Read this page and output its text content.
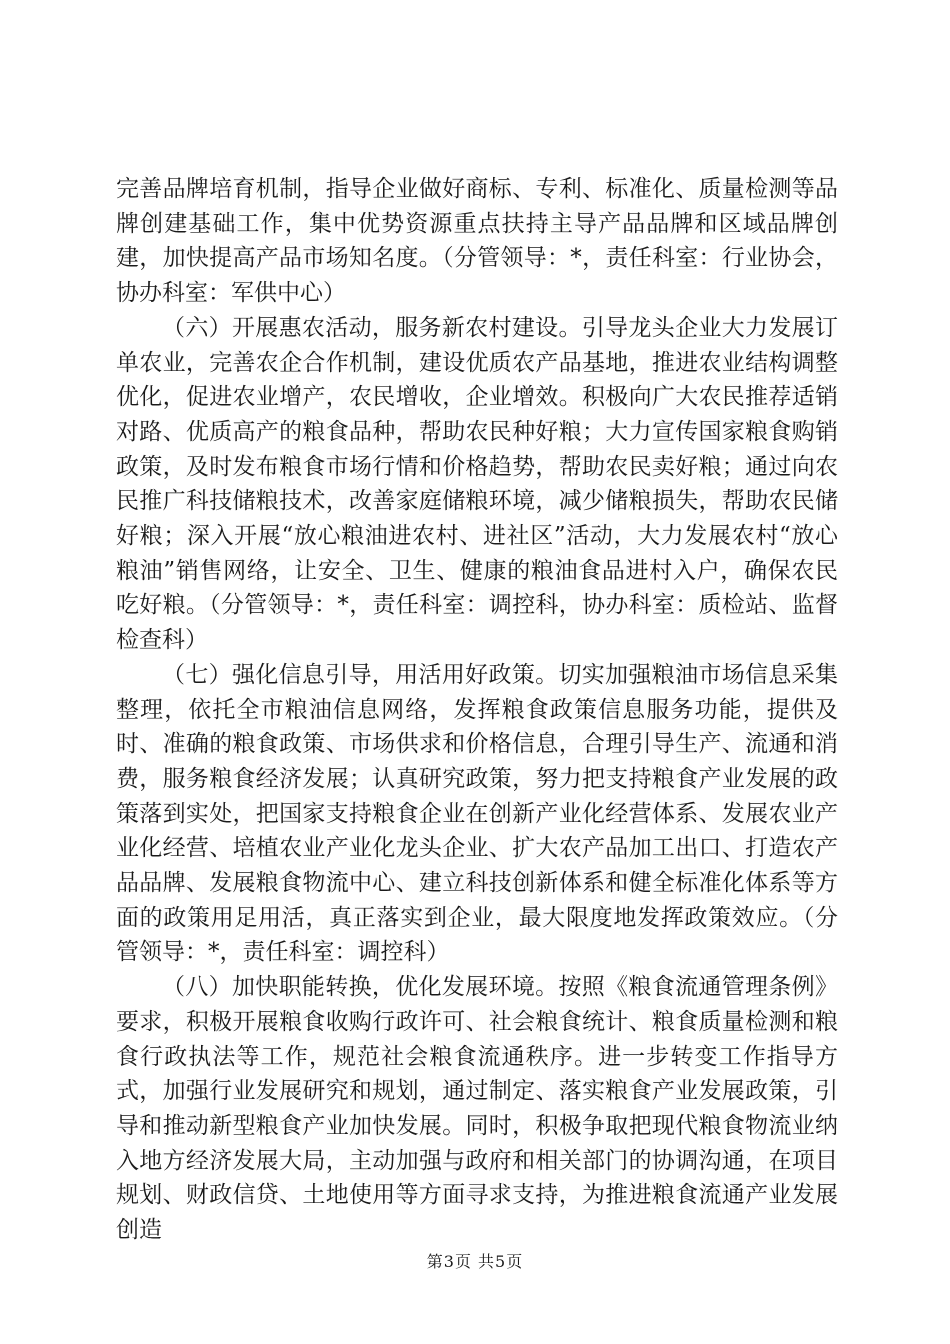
完善品牌培育机制，指导企业做好商标、专利、标准化、质量检测等品牌创建基础工作，集中优势资源重点扶持主导产品品牌和区域品牌创建，加快提高产品市场知名度。（分管领导：*，责任科室：行业协会，协办科室：军供中心）

（六）开展惠农活动，服务新农村建设。引导龙头企业大力发展订单农业，完善农企合作机制，建设优质农产品基地，推进农业结构调整优化，促进农业增产，农民增收，企业增效。积极向广大农民推荐适销对路、优质高产的粮食品种，帮助农民种好粮；大力宣传国家粮食购销政策，及时发布粮食市场行情和价格趋势，帮助农民卖好粮；通过向农民推广科技储粮技术，改善家庭储粮环境，减少储粮损失，帮助农民储好粮；深入开展“放心粮油进农村、进社区”活动，大力发展农村“放心粮油”销售网络，让安全、卫生、健康的粮油食品进村入户，确保农民吃好粮。（分管领导：*，责任科室：调控科，协办科室：质检站、监督检查科）

（七）强化信息引导，用活用好政策。切实加强粮油市场信息采集整理，依托全市粮油信息网络，发挥粮食政策信息服务功能，提供及时、准确的粮食政策、市场供求和价格信息，合理引导生产、流通和消费，服务粮食经济发展；认真研究政策，努力把支持粮食产业发展的政策落到实处，把国家支持粮食企业在创新产业化经营体系、发展农业产业化经营、培植农业产业化龙头企业、扩大农产品加工出口、打造农产品品牌、发展粮食物流中心、建立科技创新体系和健全标准化体系等方面的政策用足用活，真正落实到企业，最大限度地发挥政策效应。（分管领导：*，责任科室：调控科）

（八）加快职能转换，优化发展环境。按照《粮食流通管理条例》要求，积极开展粮食收购行政许可、社会粮食统计、粮食质量检测和粮食行政执法等工作，规范社会粮食流通秩序。进一步转变工作指导方式，加强行业发展研究和规划，通过制定、落实粮食产业发展政策，引导和推动新型粮食产业加快发展。同时，积极争取把现代粮食物流业纳入地方经济发展大局，主动加强与政府和相关部门的协调沟通，在项目规划、财政信贷、土地使用等方面寻求支持，为推进粮食流通产业发展创造

第3页 共5页
